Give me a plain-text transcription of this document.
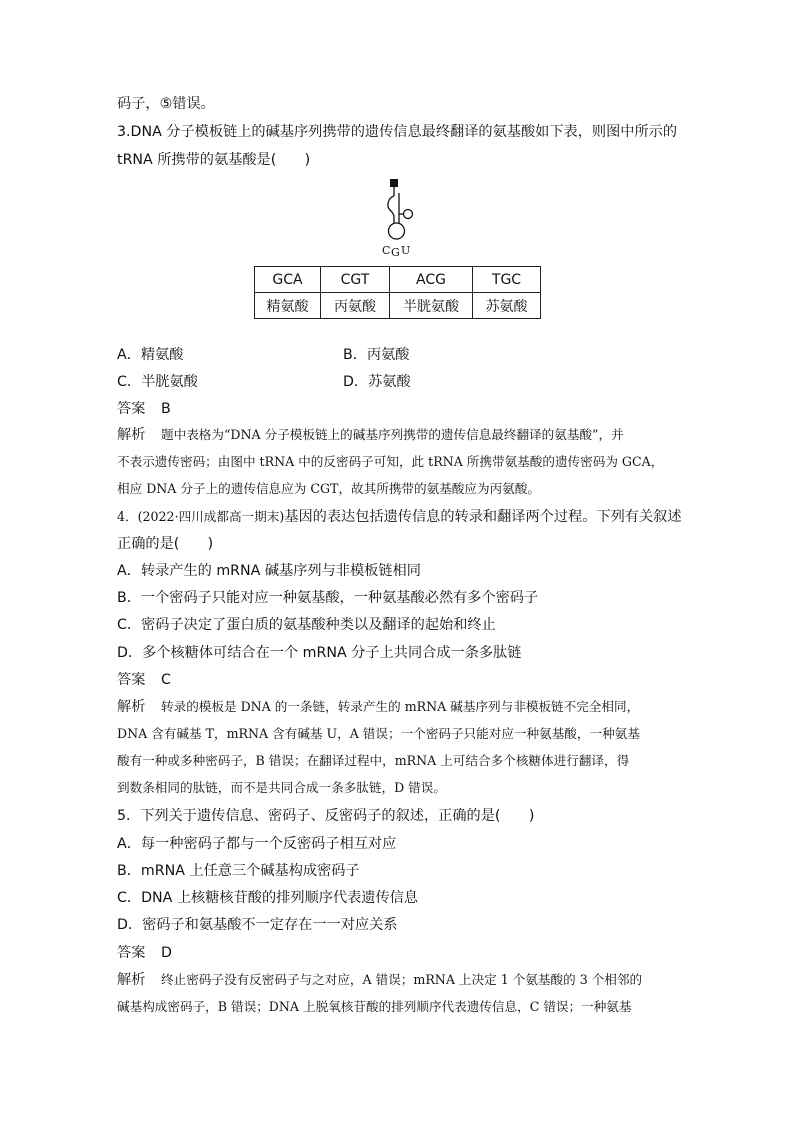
码子，⑤错误。
3.DNA 分子模板链上的碱基序列携带的遗传信息最终翻译的氨基酸如下表，则图中所示的
tRNA 所携带的氨基酸是(　　)
C G U
GCA	CGT	ACG	TGC
精氨酸	丙氨酸	半胱氨酸	苏氨酸
A．精氨酸	B．丙氨酸
C．半胱氨酸	D．苏氨酸
答案 B
解析 题中表格为“DNA 分子模板链上的碱基序列携带的遗传信息最终翻译的氨基酸”，并
不表示遗传密码；由图中 tRNA 中的反密码子可知，此 tRNA 所携带氨基酸的遗传密码为 GCA，
相应 DNA 分子上的遗传信息应为 CGT，故其所携带的氨基酸应为丙氨酸。
4．(2022·四川成都高一期末)基因的表达包括遗传信息的转录和翻译两个过程。下列有关叙述
正确的是(　　)
A．转录产生的 mRNA 碱基序列与非模板链相同
B．一个密码子只能对应一种氨基酸，一种氨基酸必然有多个密码子
C．密码子决定了蛋白质的氨基酸种类以及翻译的起始和终止
D．多个核糖体可结合在一个 mRNA 分子上共同合成一条多肽链
答案 C
解析 转录的模板是 DNA 的一条链，转录产生的 mRNA 碱基序列与非模板链不完全相同，
DNA 含有碱基 T，mRNA 含有碱基 U，A 错误；一个密码子只能对应一种氨基酸，一种氨基
酸有一种或多种密码子，B 错误；在翻译过程中，mRNA 上可结合多个核糖体进行翻译，得
到数条相同的肽链，而不是共同合成一条多肽链，D 错误。
5．下列关于遗传信息、密码子、反密码子的叙述，正确的是(　　)
A．每一种密码子都与一个反密码子相互对应
B．mRNA 上任意三个碱基构成密码子
C．DNA 上核糖核苷酸的排列顺序代表遗传信息
D．密码子和氨基酸不一定存在一一对应关系
答案 D
解析 终止密码子没有反密码子与之对应，A 错误；mRNA 上决定 1 个氨基酸的 3 个相邻的
碱基构成密码子，B 错误；DNA 上脱氧核苷酸的排列顺序代表遗传信息，C 错误；一种氨基
